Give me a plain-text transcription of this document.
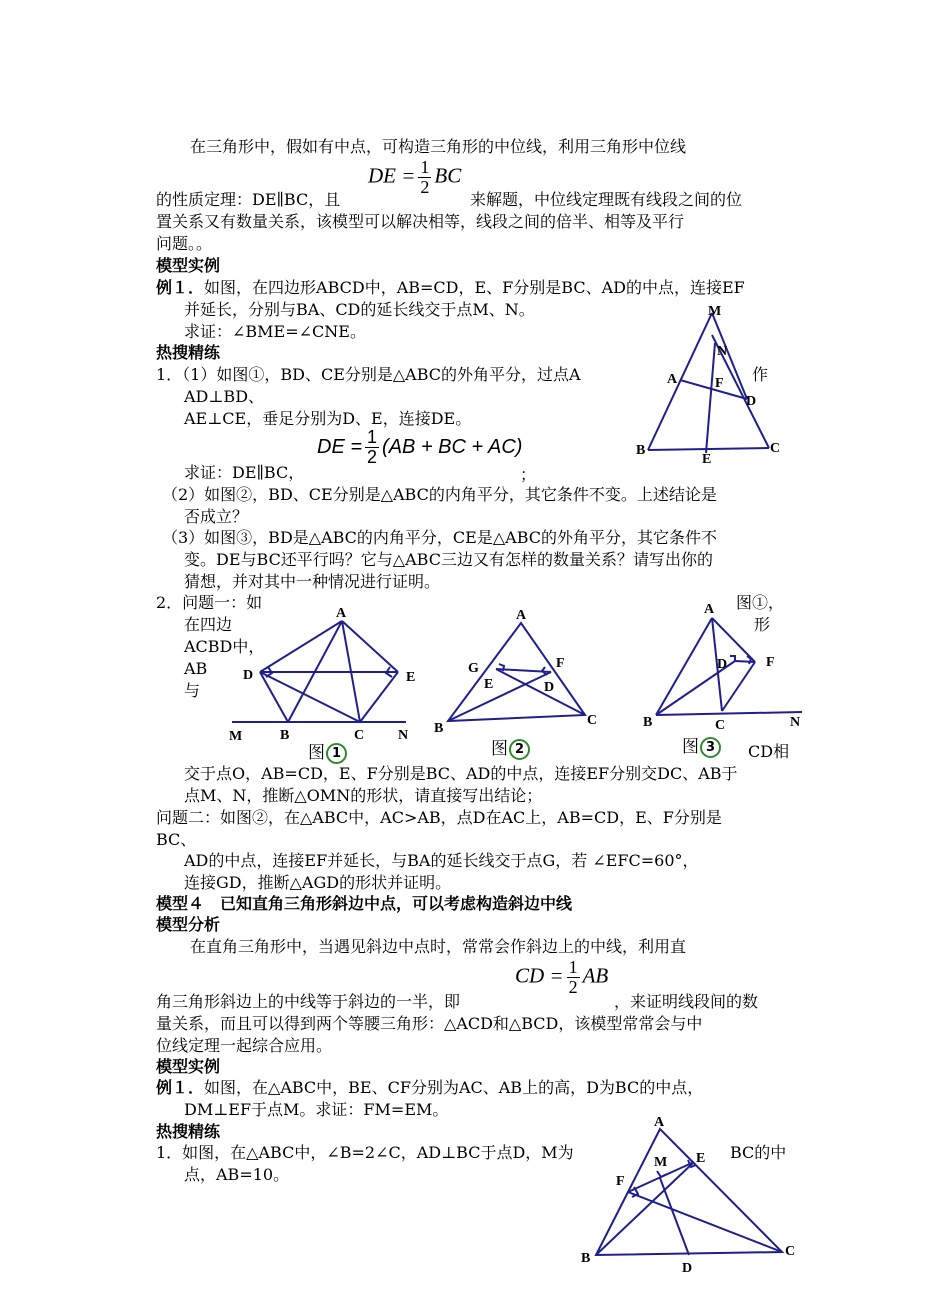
在三角形中，假如有中点，可构造三角形的中位线，利用三角形中位线
DE = $\frac{1}{2}$ BC
的性质定理：DE∥BC，且	来解题，中位线定理既有线段之间的位
置关系又有数量关系，该模型可以解决相等，线段之间的倍半、相等及平行
问题。。
模型实例
例１．如图，在四边形ABCD中，AB=CD，E、F分别是BC、AD的中点，连接EF
并延长，分别与BA、CD的延长线交于点M、N。
求证：∠BME=∠CNE。
M
N
A	F
D
B
E
C
热搜精练
1．（1）如图①，BD、CE分别是△ABC的外角平分，过点A	作
AD⊥BD、
AE⊥CE，垂足分别为D、E，连接DE。
DE = $\frac{1}{2} (AB$ + BC + AC)
求证：DE∥BC，	；
（2）如图②，BD、CE分别是△ABC的内角平分，其它条件不变。上述结论是
否成立？
（3）如图③，BD是△ABC的内角平分，CE是△ABC的外角平分，其它条件不
变。DE与BC还平行吗？它与△ABC三边又有怎样的数量关系？请写出你的
猜想，并对其中一种情况进行证明。
2．问题一：如
在四边
ACBD中，
AB
与
图①，
形
CD相
A
D	E
M	B	C N
图 1
A
G	F
E	D
B
C
图 2
A
D	F
B	C	N
图 3
交于点O，AB=CD，E、F分别是BC、AD的中点，连接EF分别交DC、AB于
点M、N，推断△OMN的形状，请直接写出结论；
问题二：如图②，在△ABC中，AC>AB，点D在AC上，AB=CD，E、F分别是
BC、
AD的中点，连接EF并延长，与BA的延长线交于点G，若 ∠EFC=60°，
连接GD，推断△AGD的形状并证明。
模型４　已知直角三角形斜边中点，可以考虑构造斜边中线
模型分析
在直角三角形中，当遇见斜边中点时，常常会作斜边上的中线，利用直
CD = $\frac{1}{2}$ AB
角三角形斜边上的中线等于斜边的一半，即	，来证明线段间的数
量关系，而且可以得到两个等腰三角形：△ACD和△BCD，该模型常常会与中
位线定理一起综合应用。
模型实例
例１．如图，在△ABC中，BE、CF分别为AC、AB上的高，D为BC的中点，
DM⊥EF于点M。求证：FM=EM。
热搜精练
1．如图，在△ABC中，∠B=2∠C，AD⊥BC于点D，M为	BC的中
点，AB=10。
A
M E
F
B	C
D
